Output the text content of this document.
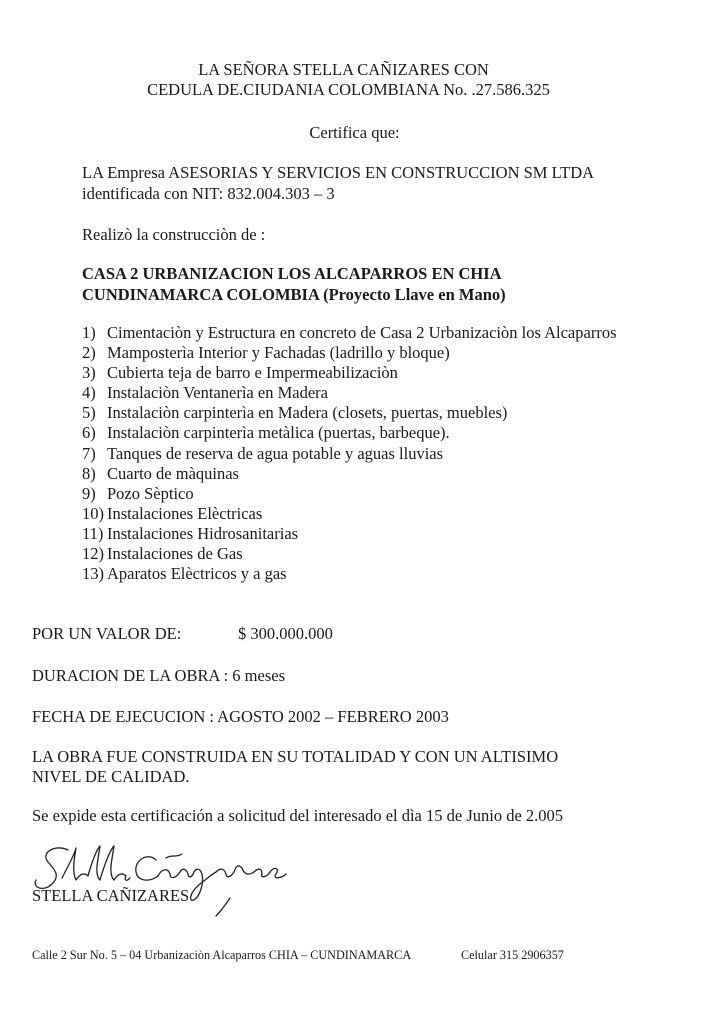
LA SEÑORA STELLA CAÑIZARES CON
CEDULA DE.CIUDANIA COLOMBIANA No. .27.586.325
Certifica que:
LA Empresa ASESORIAS Y SERVICIOS EN CONSTRUCCION SM LTDA
identificada con NIT: 832.004.303 – 3
Realizò la construcciòn de :
CASA 2 URBANIZACION LOS ALCAPARROS EN CHIA
CUNDINAMARCA COLOMBIA (Proyecto Llave en Mano)
1) Cimentaciòn y Estructura en concreto de Casa 2 Urbanizaciòn los Alcaparros
2) Mamposterìa Interior y Fachadas (ladrillo y bloque)
3) Cubierta teja de barro e Impermeabilizaciòn
4) Instalaciòn Ventanerìa en Madera
5) Instalaciòn carpinterìa en Madera (closets, puertas, muebles)
6) Instalaciòn carpinterìa metàlica (puertas, barbeque).
7) Tanques de reserva de agua potable y aguas lluvias
8) Cuarto de màquinas
9) Pozo Sèptico
10) Instalaciones Elèctricas
11) Instalaciones Hidrosanitarias
12) Instalaciones de Gas
13) Aparatos Elèctricos y a gas
POR UN VALOR DE:	$ 300.000.000
DURACION DE LA OBRA : 6 meses
FECHA DE EJECUCION : AGOSTO 2002 – FEBRERO 2003
LA OBRA FUE CONSTRUIDA EN SU TOTALIDAD Y CON UN ALTISIMO
NIVEL DE CALIDAD.
Se expide esta certificación a solicitud del interesado el dìa 15 de Junio de 2.005
STELLA CAÑIZARES
Calle 2 Sur No. 5 – 04 Urbanizaciòn Alcaparros CHIA – CUNDINAMARCA	Celular 315 2906357
